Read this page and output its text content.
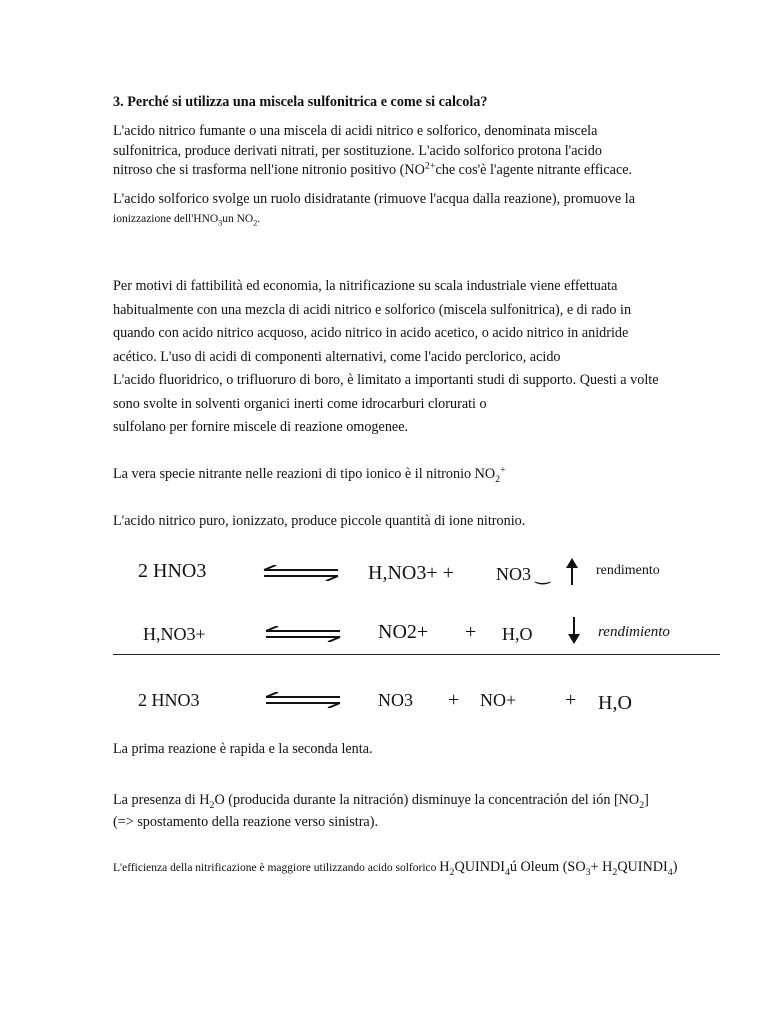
3. Perché si utilizza una miscela sulfonitrica e come si calcola?
L'acido nitrico fumante o una miscela di acidi nitrico e solforico, denominata miscela
sulfonitrica, produce derivati nitrati, per sostituzione. L'acido solforico protona l'acido
nitroso che si trasforma nell'ione nitronio positivo ($NO^{2+}che$ cos'è l'agente nitrante efficace.
L'acido solforico svolge un ruolo disidratante (rimuove l'acqua dalla reazione), promuove la
ionizzazione $dell'HNO_3un$ $NO_2$.
Per motivi di fattibilità ed economia, la nitrificazione su scala industriale viene effettuata
habitualmente con una mezcla di acidi nitrico e solforico (miscela sulfonitrica), e di rado in
quando con acido nitrico acquoso, acido nitrico in acido acetico, o acido nitrico in anidride
acético. L'uso di acidi di componenti alternativi, come l'acido perclorico, acido
L'acido fluoridrico, o trifluoruro di boro, è limitato a importanti studi di supporto. Questi a volte
sono svolte in solventi organici inerti come idrocarburi clorurati o
sulfolano per fornire miscele di reazione omogenee.
La vera specie nitrante nelle reazioni di tipo ionico è il nitronio $NO_2^+$
L'acido nitrico puro, ionizzato, produce piccole quantità di ione nitronio.
2 HNO3	H,NO3+ + NO3 ‿	rendimento
H,NO3+	NO2+ + H,O	rendimiento
2 HNO3	NO3 + NO+ + H,O
La prima reazione è rapida e la seconda lenta.
La presenza di $H_2O$ (producida durante la nitración) disminuye la concentración del ión $[NO_2]$
(=> spostamento della reazione verso sinistra).
L'efficienza della nitrificazione è maggiore utilizzando acido solforico $H_2QUINDI_4ú$ Oleum ($SO_3+$ $H_2QUINDI_4$)
